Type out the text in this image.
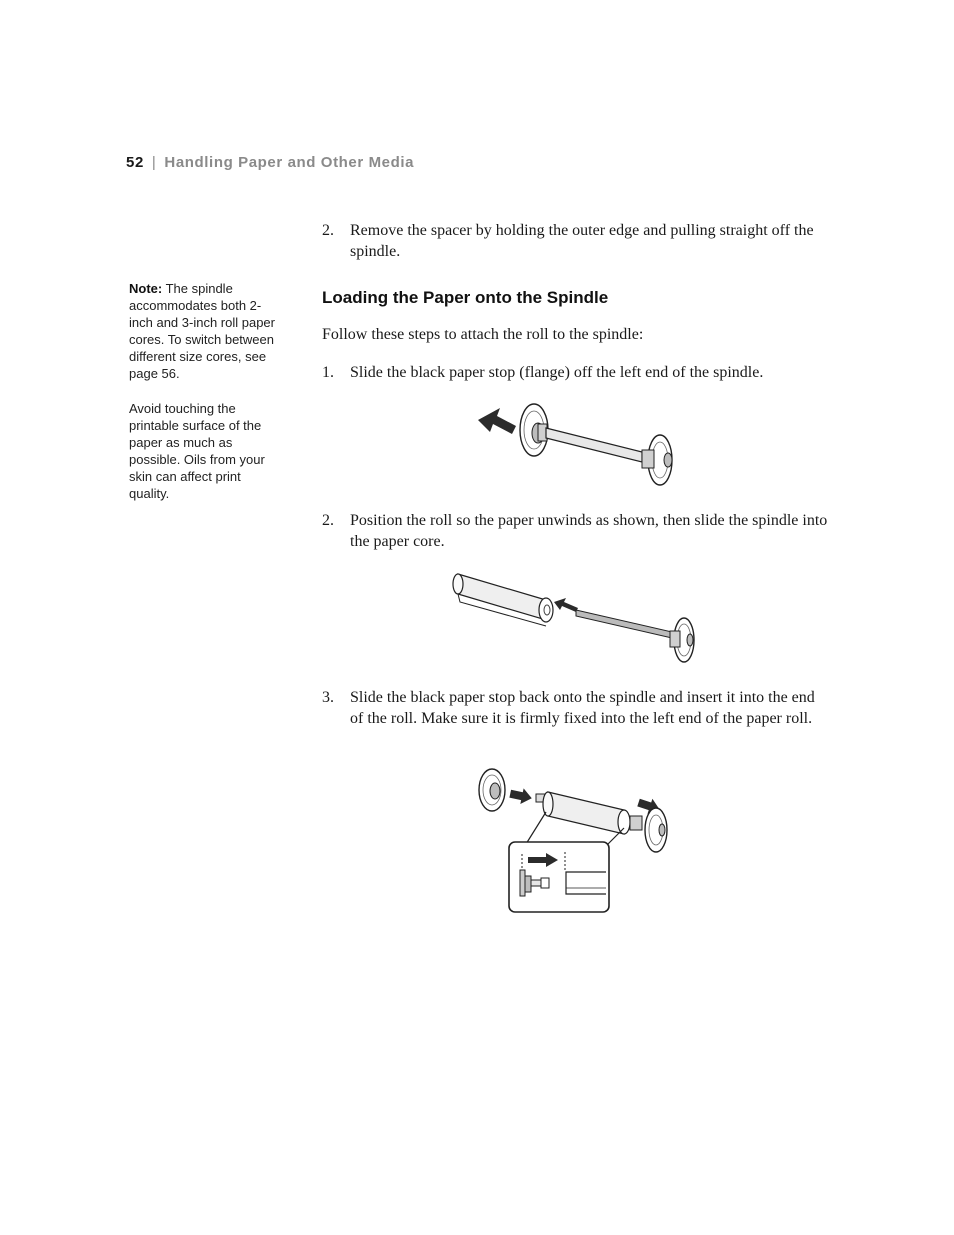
52 | Handling Paper and Other Media
Note: The spindle accommodates both 2-inch and 3-inch roll paper cores. To switch between different size cores, see page 56.
Avoid touching the printable surface of the paper as much as possible. Oils from your skin can affect print quality.
2. Remove the spacer by holding the outer edge and pulling straight off the spindle.
Loading the Paper onto the Spindle
Follow these steps to attach the roll to the spindle:
1. Slide the black paper stop (flange) off the left end of the spindle.
2. Position the roll so the paper unwinds as shown, then slide the spindle into the paper core.
3. Slide the black paper stop back onto the spindle and insert it into the end of the roll. Make sure it is firmly fixed into the left end of the paper roll.
